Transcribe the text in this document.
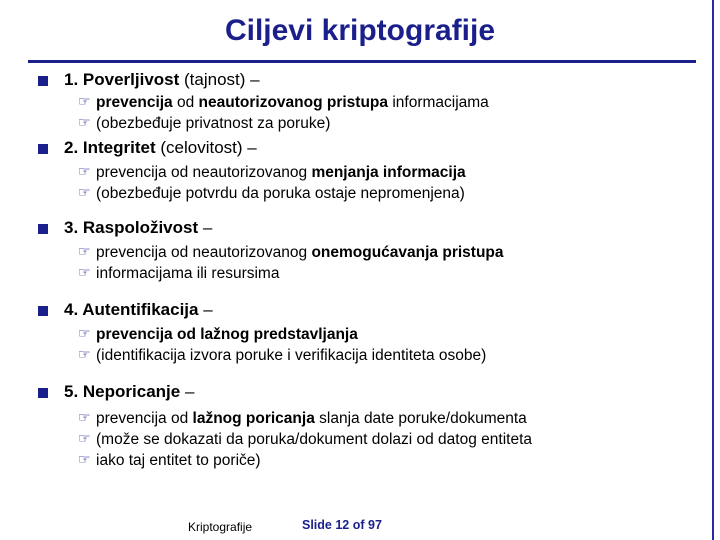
Ciljevi kriptografije
1. Poverljivost (tajnost) –
☞ prevencija od neautorizovanog pristupa informacijama
☞ (obezbeđuje privatnost za poruke)
2. Integritet (celovitost) –
☞ prevencija od neautorizovanog menjanja informacija
☞ (obezbeđuje potvrdu da poruka ostaje nepromenjena)
3. Raspoloživost –
☞ prevencija od neautorizovanog onemogućavanja pristupa
☞ informacijama ili resursima
4. Autentifikacija –
☞ prevencija od lažnog predstavljanja
☞ (identifikacija izvora poruke i verifikacija identiteta osobe)
5. Neporicanje –
☞ prevencija od lažnog poricanja slanja date poruke/dokumenta
☞ (može se dokazati da poruka/dokument dolazi od datog entiteta
☞ iako taj entitet to poriče)
Kriptografije	Slide 12 of 97
